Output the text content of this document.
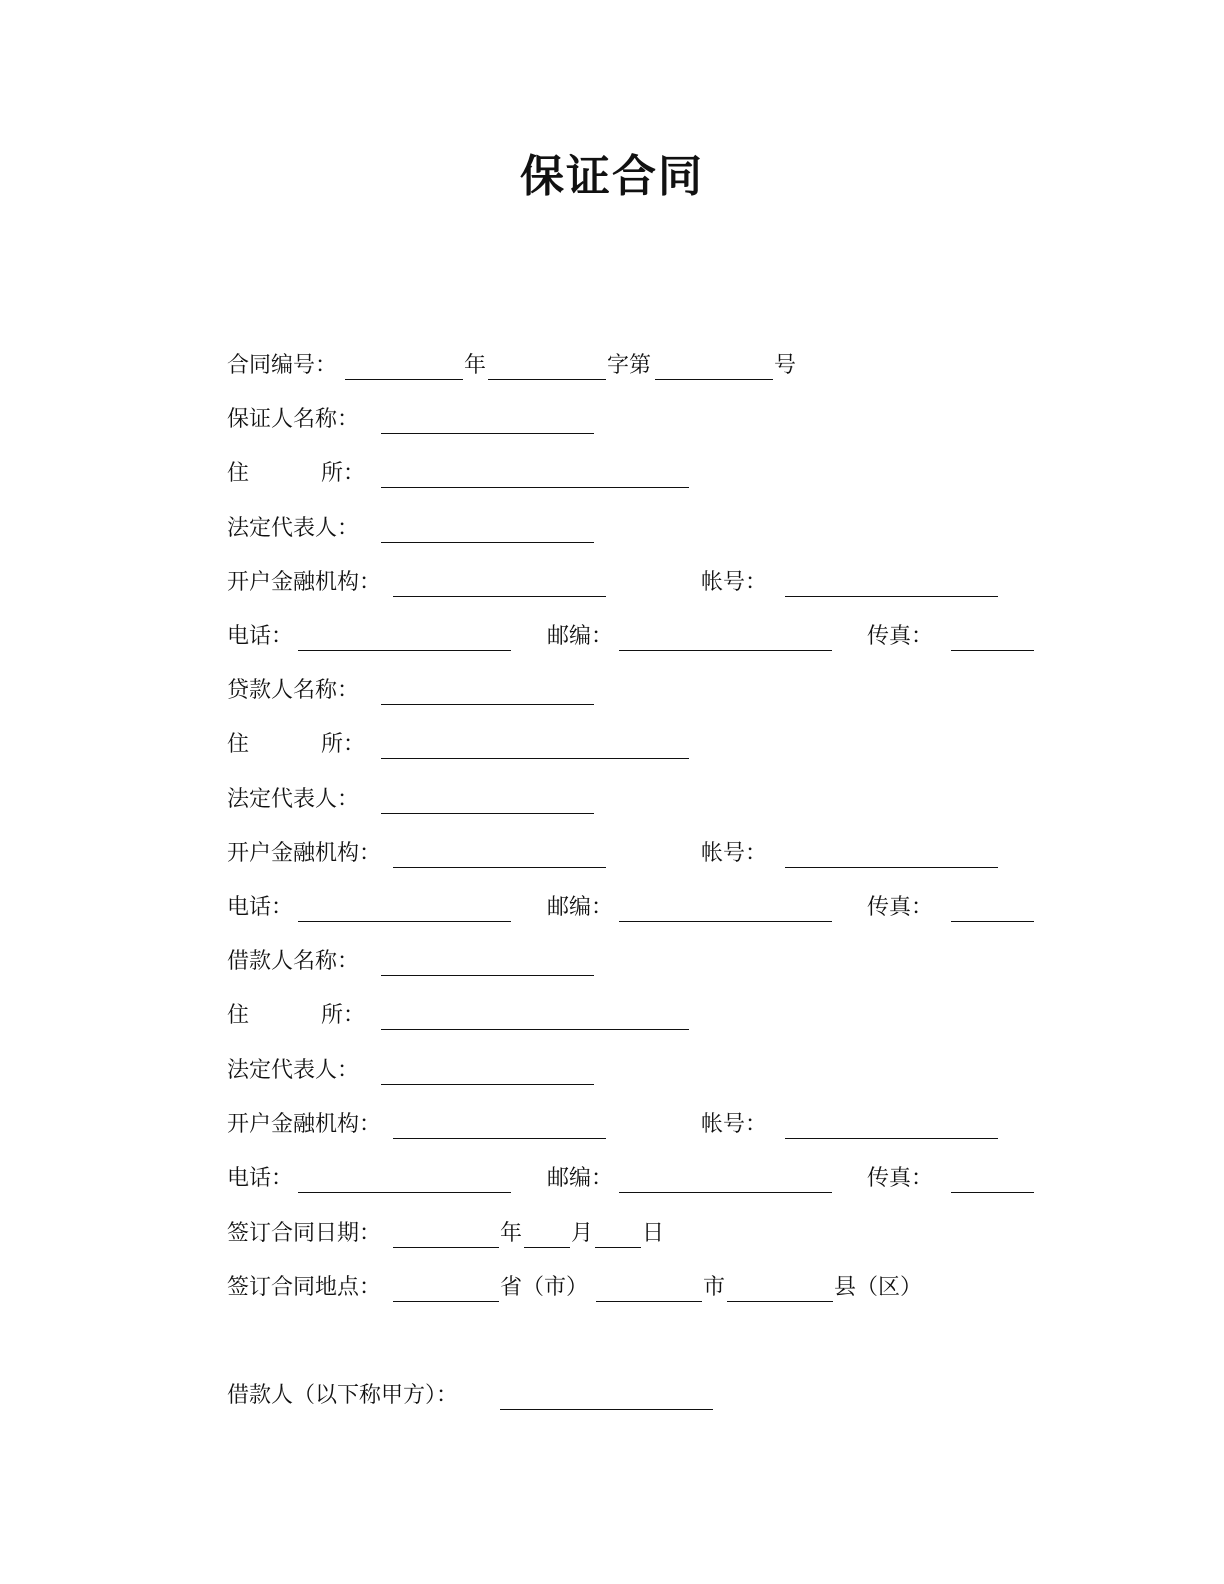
保证合同
合同编号：	年	字第	号
保证人名称：
住	所：
法定代表人：
开户金融机构：	帐号：
电话：	邮编：	传真：
贷款人名称：
住	所：
法定代表人：
开户金融机构：	帐号：
电话：	邮编：	传真：
借款人名称：
住	所：
法定代表人：
开户金融机构：	帐号：
电话：	邮编：	传真：
签订合同日期：	年 月 日
签订合同地点：	省（市）	市	县（区）
借款人（以下称甲方）：
